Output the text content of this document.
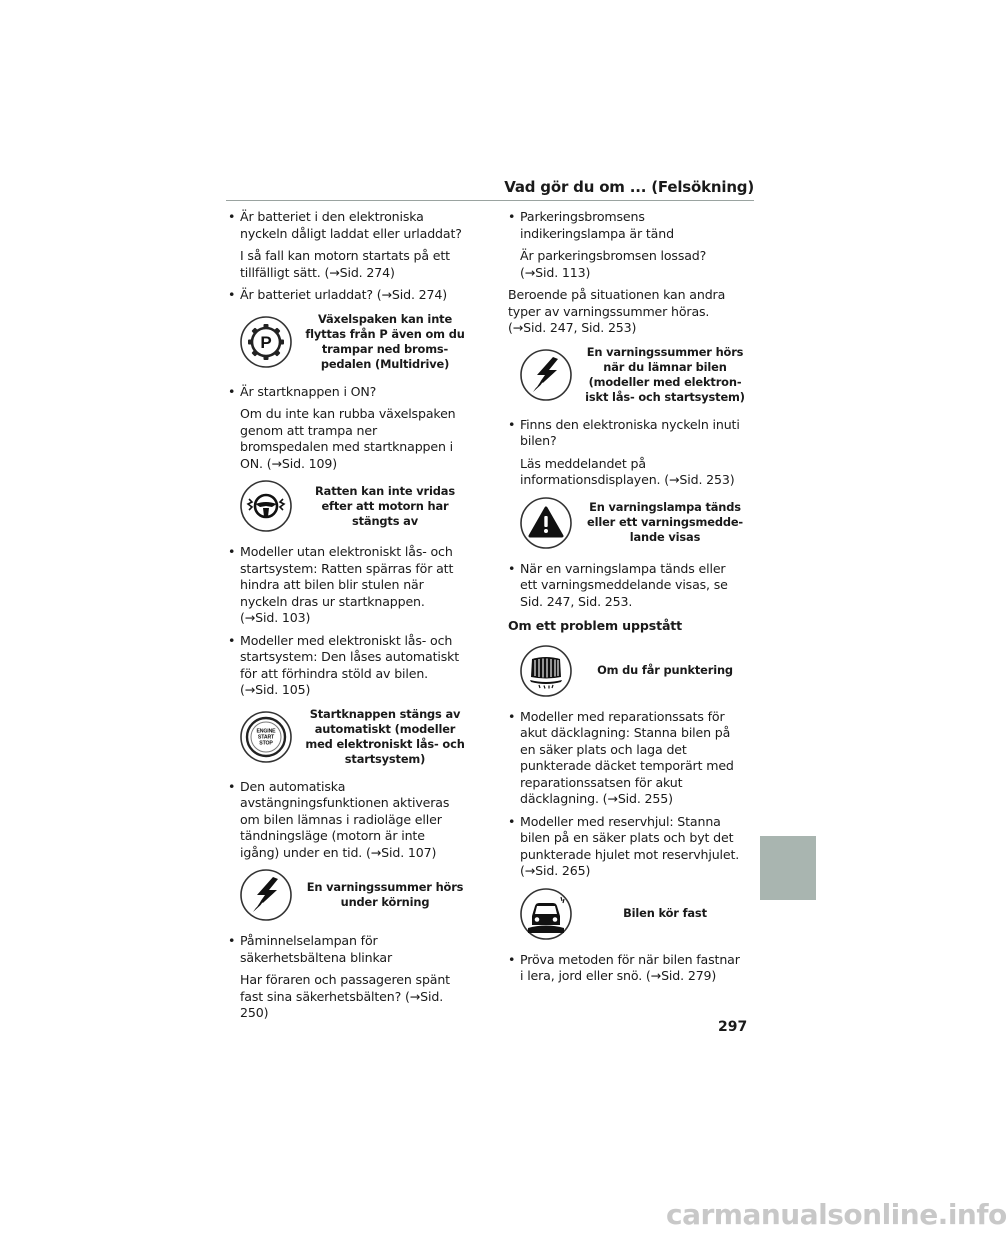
Vad gör du om ... (Felsökning)
• Är batteriet i den elektroniska nyckeln dåligt laddat eller urladdat?
I så fall kan motorn startats på ett tillfälligt sätt. (→Sid. 274)
• Är batteriet urladdat? (→Sid. 274)
P
Växelspaken kan inte flyttas från P även om du trampar ned broms-pedalen (Multidrive)
• Är startknappen i ON?
Om du inte kan rubba växelspaken genom att trampa ner bromspedalen med startknappen i ON. (→Sid. 109)
Ratten kan inte vridas efter att motorn har stängts av
• Modeller utan elektroniskt lås- och startsystem: Ratten spärras för att hindra att bilen blir stulen när nyckeln dras ur startknappen. (→Sid. 103)
• Modeller med elektroniskt lås- och startsystem: Den låses automatiskt för att förhindra stöld av bilen. (→Sid. 105)
ENGINE
START
STOP
Startknappen stängs av automatiskt (modeller med elektroniskt lås- och startsystem)
• Den automatiska avstängningsfunktionen aktiveras om bilen lämnas i radioläge eller tändningsläge (motorn är inte igång) under en tid. (→Sid. 107)
En varningssummer hörs under körning
• Påminnelselampan för säkerhetsbältena blinkar
Har föraren och passageren spänt fast sina säkerhetsbälten? (→Sid. 250)
• Parkeringsbromsens indikeringslampa är tänd
Är parkeringsbromsen lossad? (→Sid. 113)
Beroende på situationen kan andra typer av varningssummer höras. (→Sid. 247, Sid. 253)
En varningssummer hörs när du lämnar bilen (modeller med elektron-iskt lås- och startsystem)
• Finns den elektroniska nyckeln inuti bilen?
Läs meddelandet på informationsdisplayen. (→Sid. 253)
En varningslampa tänds eller ett varningsmedde-lande visas
• När en varningslampa tänds eller ett varningsmeddelande visas, se Sid. 247, Sid. 253.
Om ett problem uppstått
Om du får punktering
• Modeller med reparationssats för akut däcklagning: Stanna bilen på en säker plats och laga det punkterade däcket temporärt med reparationssatsen för akut däcklagning. (→Sid. 255)
• Modeller med reservhjul: Stanna bilen på en säker plats och byt det punkterade hjulet mot reservhjulet. (→Sid. 265)
Bilen kör fast
• Pröva metoden för när bilen fastnar i lera, jord eller snö. (→Sid. 279)
297
carmanualsonline.info
